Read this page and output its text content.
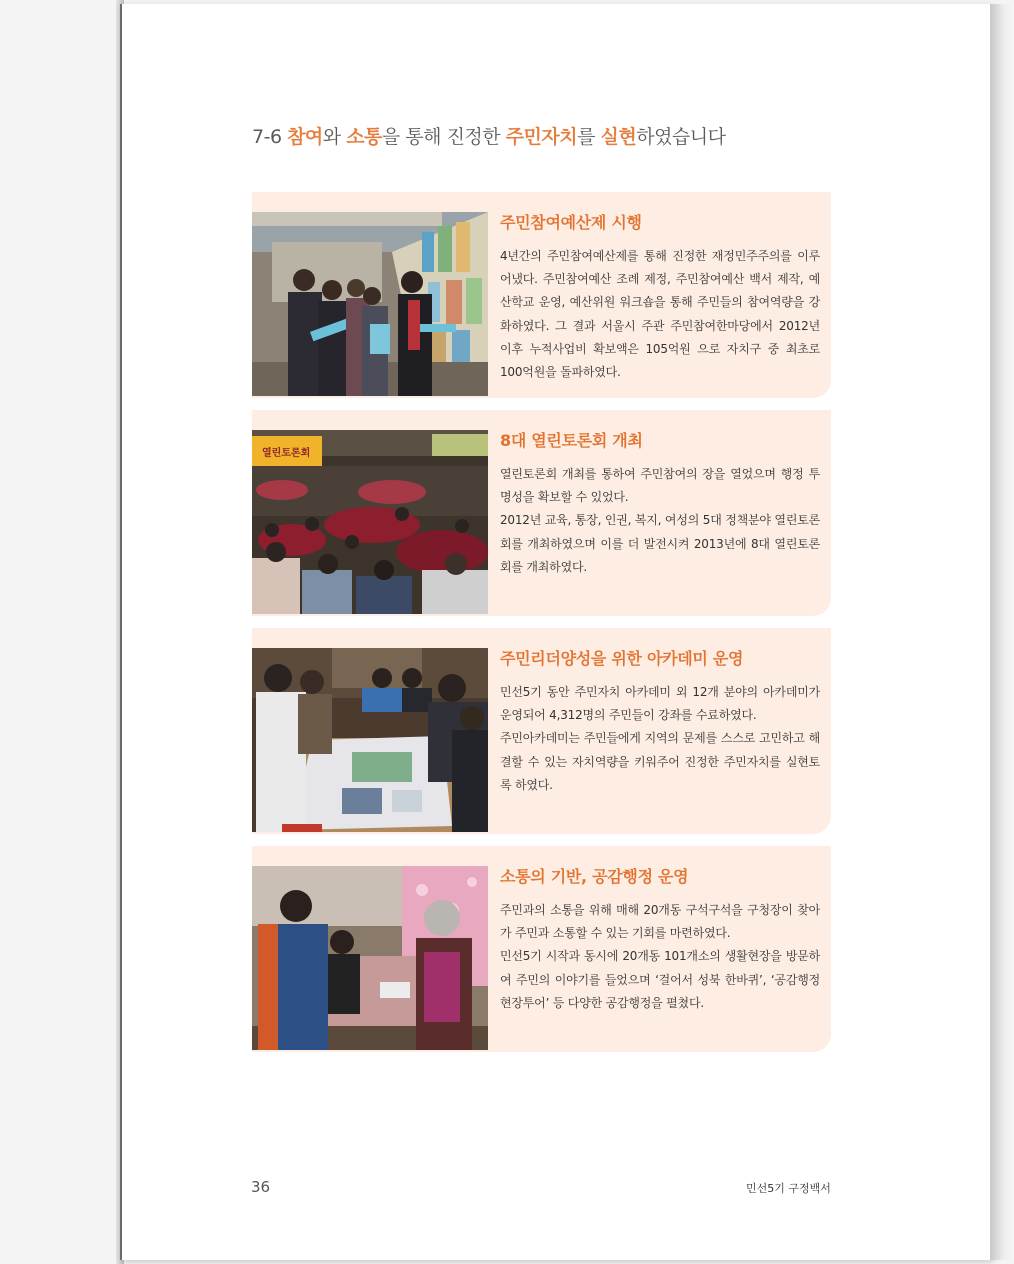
7-6 참여와 소통을 통해 진정한 주민자치를 실현하였습니다
주민참여예산제 시행

4년간의 주민참여예산제를 통해 진정한 재정민주주의를 이루어냈다. 주민참여예산 조례 제정, 주민참여예산 백서 제작, 예산학교 운영, 예산위원 워크숍을 통해 주민들의 참여역량을 강화하였다. 그 결과 서울시 주관 주민참여한마당에서 2012년 이후 누적사업비 확보액은 105억원 으로 자치구 중 최초로 100억원을 돌파하였다.

열린토론회
8대 열린토론회 개최

열린토론회 개최를 통하여 주민참여의 장을 열었으며 행정 투명성을 확보할 수 있었다.

2012년 교육, 통장, 인권, 복지, 여성의 5대 정책분야 열린토론회를 개최하였으며 이를 더 발전시켜 2013년에 8대 열린토론회를 개최하였다.

주민리더양성을 위한 아카데미 운영

민선5기 동안 주민자치 아카데미 외 12개 분야의 아카데미가 운영되어 4,312명의 주민들이 강좌를 수료하였다.

주민아카데미는 주민들에게 지역의 문제를 스스로 고민하고 해결할 수 있는 자치역량을 키워주어 진정한 주민자치를 실현토록 하였다.

소통의 기반, 공감행정 운영

주민과의 소통을 위해 매해 20개동 구석구석을 구청장이 찾아가 주민과 소통할 수 있는 기회를 마련하였다.

민선5기 시작과 동시에 20개동 101개소의 생활현장을 방문하여 주민의 이야기를 들었으며 ‘걸어서 성북 한바퀴’, ‘공감행정 현장투어’ 등 다양한 공감행정을 펼쳤다.

36	민선5기 구정백서
